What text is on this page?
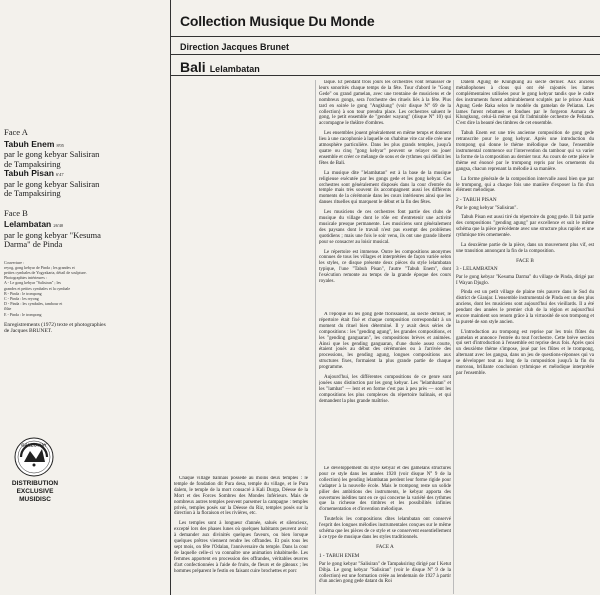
Collection Musique Du Monde
Direction Jacques Brunet
Bali Lelambatan
Face A
Tabuh Enem 8'05
par le gong kebyar Salisiran
de Tampaksiring
Tabuh Pisan 6'47
par le gong kebyar Salisiran
de Tampaksiring
Face B
Lelambatan 26'40
par le gong kebyar "Kesuma
Darma" de Pinda
Couverture :
reyog, gong kebyar de Pinda ; les grandes et
petites cymbales de Yogyakarta, détail de sculpture.
Photographies intérieures :
A - Le gong kebyar "Salisiran" ; les
grandes et petites cymbales et la cymbale
B - Pinda : le trompong
C - Pinda : les reyong
D - Pinda : les cymbales, tambour et
flûte
E - Pinda : le trompong
Enregistrements (1972) texte et photographies
de Jacques BRUNET.
GALLOWAY
DISTRIBUTION
EXCLUSIVE
MUSIDISC

Chaque village balinais possède au moins deux temples : le temple de fondation dit Pura desa, temple du village, et le Pura dalem, le temple de la mort consacré à Kali Durga, Déesse de la Mort et des Forces Sombres des Mondes Inférieurs. Mais de nombreux autres temples peuvent parsemer la campagne : temples privés, temples posés sur la Déesse du Riz, temples posés sur la direction à la floraison et les rivières, etc.

Les temples sont à longueur d'année, salués et silencieux, excepté lors des phases lunes où quelques habitants peuvent avoir à demander aux divinités quelques faveurs, ou bien lorsque quelques prêtres viennent rendre les offrandes. Et puis tous les sept mois, on fête l'Odalan, l'anniversaire du temple. Dans la cour de laquelle celle-ci va connaître une animation inhabituelle. Les femmes apportent en procession des offrandes, véritables œuvres d'art confectionnées à l'aide de fruits, de fleurs et de gâteaux ; les hommes préparent le festin en faisant cuire brochettes et porc

laqué. Et pendant trois jours les orchestres vont rehausser de leurs sonorités chaque temps de la fête. Tour d'abord le "Gong Gede" ou grand gamelan, avec une trentaine de musiciens et de nombreux gongs, sera l'orchestre des rituels liés à la fête. Plus tard en soirée le gong "Angklung" (voir disque N° 69 de la collection) à son tour prendra place. Les orchestres saluent le gong, le petit ensemble de "gender wayang" (disque N° 10) qui accompagne le théâtre d'ombres.

Les ensembles jouent généralement en même temps et donnent lieu à une cacophonie à laquelle on s'habitue vite car elle crée une atmosphère particulière. Dans les plus grands temples, jusqu'à quatre ou cinq "gong kebyar" peuvent se relayer ou jouer ensemble et créer ce mélange de sons et de rythmes qui définit les fêtes de Bali.

La musique dite "lelambatan" est à la base de la musique religieuse exécutée par les gongs gede et les gong kebyar. Ces orchestres sont généralement disposés dans la cour d'entrée du temple mais très souvent ils accompagnent aussi les différents moments de la cérémonie dans les cours intérieures ainsi que les danses rituelles qui marquent le début et la fin des fêtes.

Les musiciens de ces orchestres font partie des clubs de musique du village dont le rôle est d'entretenir une activité musicale presque permanente. Les musiciens sont généralement des paysans dont le travail n'est pas exempt des problèmes quotidiens ; mais une fois le soir venu, ils ont une grande liberté pour se consacrer au loisir musical.

Le répertoire est immense. Outre les compositions anonymes connues de tous les villages et interprétées de façon variée selon les styles, ce disque présente deux pièces du style lelambatan typique, l'une "Tabuh Pisan", l'autre "Tabuh Enem", dont l'exécution remonte au temps de la grande époque des cours royales.

A l'époque où les gong gede florissaient, au siècle dernier, le répertoire était fixé et chaque composition correspondait à un moment du rituel bien déterminé. Il y avait deux séries de compositions : les "gending agung", les grandes compositions, et les "gending ganguaran", les compositions brèves et animées. Ainsi que les gending ganguaran, d'une durée assez courte, étaient joués au début des cérémonies ou à l'arrivée des processions, les gending agung, longues compositions aux structures fixes, formaient la plus grande partie de chaque programme.

Aujourd'hui, les différentes compositions de ce genre sont jouées sans distinction par les gong kebyar. Les "lelambatan" et les "lambat" — lent et en forme c'est pas à peu près — sont les compositions les plus complexes du répertoire balinais, et qui demandent la plus grande maîtrise.

Le développement du style kebyar et des gamelans structurés pour ce style dans les années 1920 (voir disque N° 9 de la collection) les gending lelambatan perdent leur forme rigide pour s'adapter à la nouvelle école. Mais le trompong reste un solide pilier des ambitions des instruments, le kebyar apporta des ouvertures inédites tant en ce qui concerne la variété des rythmes que la richesse des timbres et les possibilités infinies d'ornementation et d'invention mélodique.

Toutefois les compositions dites lelambatan ont conservé l'esprit des longues mélodies instrumentales conçues sur le même schéma que les pièces de ce style et se conservent essentiellement à ce type de musique dans les styles traditionnels.

FACE A
1 - TABUH ENEM

Par le gong kebyar "Salisiran" de Tampaksiring dirigé par I Ketut Dibja. Le gong kebyar "Salisiran" (voir le disque N° 9 de la collection) est une formation créée au lendemain de 1927 à partir d'un ancien gong gede datant du Roi

Dalem Agung de Klungkung au siècle dernier. Aux anciens métallophones à clous qui ont été rajoutés les lames complémentaires utilisées pour le gong kebyar tandis que le cadre des instruments furent admirablement sculptés par le prince Anak Agung Gede Raka selon le modèle du gamelan de Peliatan. Les lames furent rebattues et fondues par le forgeron Asmara de Klungkung, celui-là même qui fit l'admirable orchestre de Peliatan. C'est dire la beauté des timbres de cet ensemble.

Tabuh Enem est une très ancienne composition de gong gede retranscrite pour le gong kebyar. Après une introduction du trompong qui donne le thème mélodique de base, l'ensemble instrumental commence sur l'intervention du tambour qui va varier la forme de la composition au dernier tour. Au cours de cette pièce le thème est énoncé par le trompong repris par les ornements du gangsa, chacun reprenant la mélodie à sa manière.

La forme générale de la composition intervalle aussi bien que par le trompong, qui a chaque fois une manière d'exposer la fin d'un élément mélodique.

2 - TABUH PISAN

Par le gong kebyar "Salisiran".

Tabuh Pisan est aussi tiré du répertoire du gong gede. Il fait partie des compositions "gending agung" par excellence et suit le même schéma que la pièce précédente avec une structure plus rapide et une rythmique très ornementée.

La deuxième partie de la pièce, dans un mouvement plus vif, est une transition annonçant la fin de la composition.

FACE B
3 - LELAMBATAN

Par le gong kebyar "Kesuma Darma" du village de Pinda, dirigé par I Wayan Djuglo.

Pinda est un petit village de plaine très pauvre dans le Sud du district de Gianjar. L'ensemble instrumental de Pinda est un des plus anciens, dont les musiciens sont aujourd'hui des vieillards. Il a été pendant des années le premier club de la région et aujourd'hui encore maintient son renom grâce à la virtuosité de son trompong et la pureté de son style ancien.

L'introduction au trompong est reprise par les trois flûtes du gamelan et annonce l'entrée du tout l'orchestre. Cette brève section qui sert d'introduction à l'ensemble est reprise deux fois. Après quoi un deuxième thème s'impose, joué par les flûtes et le trompong, alternant avec les gangsa, dans un jeu de questions-réponses qui va se développer tout au long de la composition jusqu'à la fin du morceau, brillante conclusion rythmique et mélodique interprétée par l'ensemble.
